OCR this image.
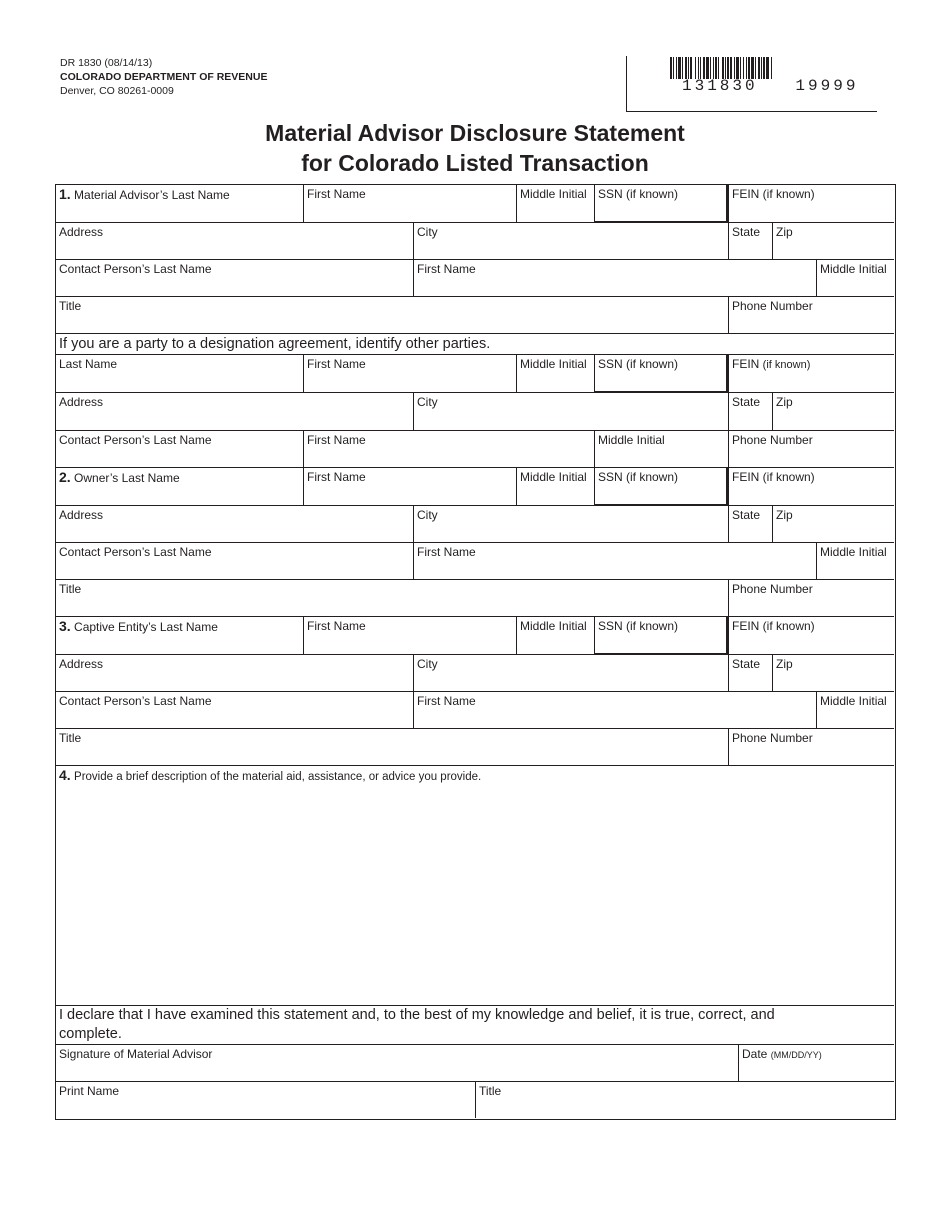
DR 1830 (08/14/13)
COLORADO DEPARTMENT OF REVENUE
Denver, CO 80261-0009	131830   19999
Material Advisor Disclosure Statement
for Colorado Listed Transaction
1. Material Advisor’s Last Name	First Name	Middle Initial SSN (if known)	FEIN (if known)
Address	City	State	Zip
Contact Person’s Last Name	First Name	Middle Initial
Title	Phone Number
If you are a party to a designation agreement, identify other parties.
Last Name	First Name	Middle Initial SSN (if known)	FEIN (if known)
Address	City	State	Zip
Contact Person’s Last Name	First Name	Middle Initial	Phone Number
2. Owner’s Last Name	First Name	Middle Initial SSN (if known)	FEIN (if known)
Address	City	State	Zip
Contact Person’s Last Name	First Name	Middle Initial
Title	Phone Number
3. Captive Entity’s Last Name	First Name	Middle Initial SSN (if known)	FEIN (if known)
Address	City	State	Zip
Contact Person’s Last Name	First Name	Middle Initial
Title	Phone Number
4. Provide a brief description of the material aid, assistance, or advice you provide.
I declare that I have examined this statement and, to the best of my knowledge and belief, it is true, correct, and
complete.
Signature of Material Advisor	Date (MM/DD/YY)
Print Name	Title
